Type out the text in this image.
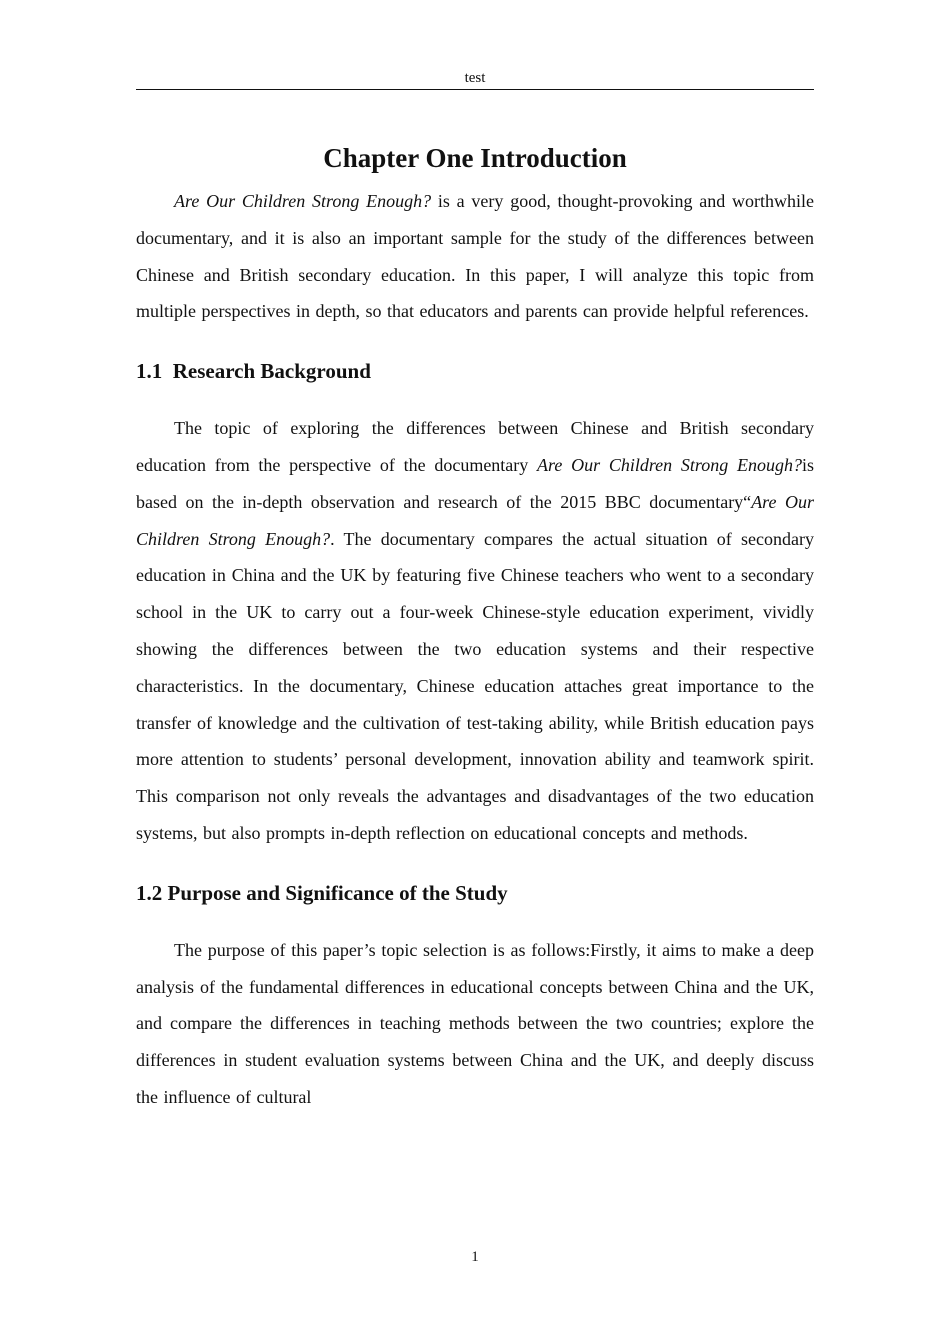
test
Chapter One Introduction

Are Our Children Strong Enough? is a very good, thought-provoking and worthwhile documentary, and it is also an important sample for the study of the differences between Chinese and British secondary education. In this paper, I will analyze this topic from multiple perspectives in depth, so that educators and parents can provide helpful references.

1.1  Research Background

The topic of exploring the differences between Chinese and British secondary education from the perspective of the documentary Are Our Children Strong Enough?is based on the in-depth observation and research of the 2015 BBC documentary“Are Our Children Strong Enough?. The documentary compares the actual situation of secondary education in China and the UK by featuring five Chinese teachers who went to a secondary school in the UK to carry out a four-week Chinese-style education experiment, vividly showing the differences between the two education systems and their respective characteristics. In the documentary, Chinese education attaches great importance to the transfer of knowledge and the cultivation of test-taking ability, while British education pays more attention to students’ personal development, innovation ability and teamwork spirit. This comparison not only reveals the advantages and disadvantages of the two education systems, but also prompts in-depth reflection on educational concepts and methods.

1.2 Purpose and Significance of the Study

The purpose of this paper’s topic selection is as follows:Firstly, it aims to make a deep analysis of the fundamental differences in educational concepts between China and the UK, and compare the differences in teaching methods between the two countries; explore the differences in student evaluation systems between China and the UK, and deeply discuss the influence of cultural

1
